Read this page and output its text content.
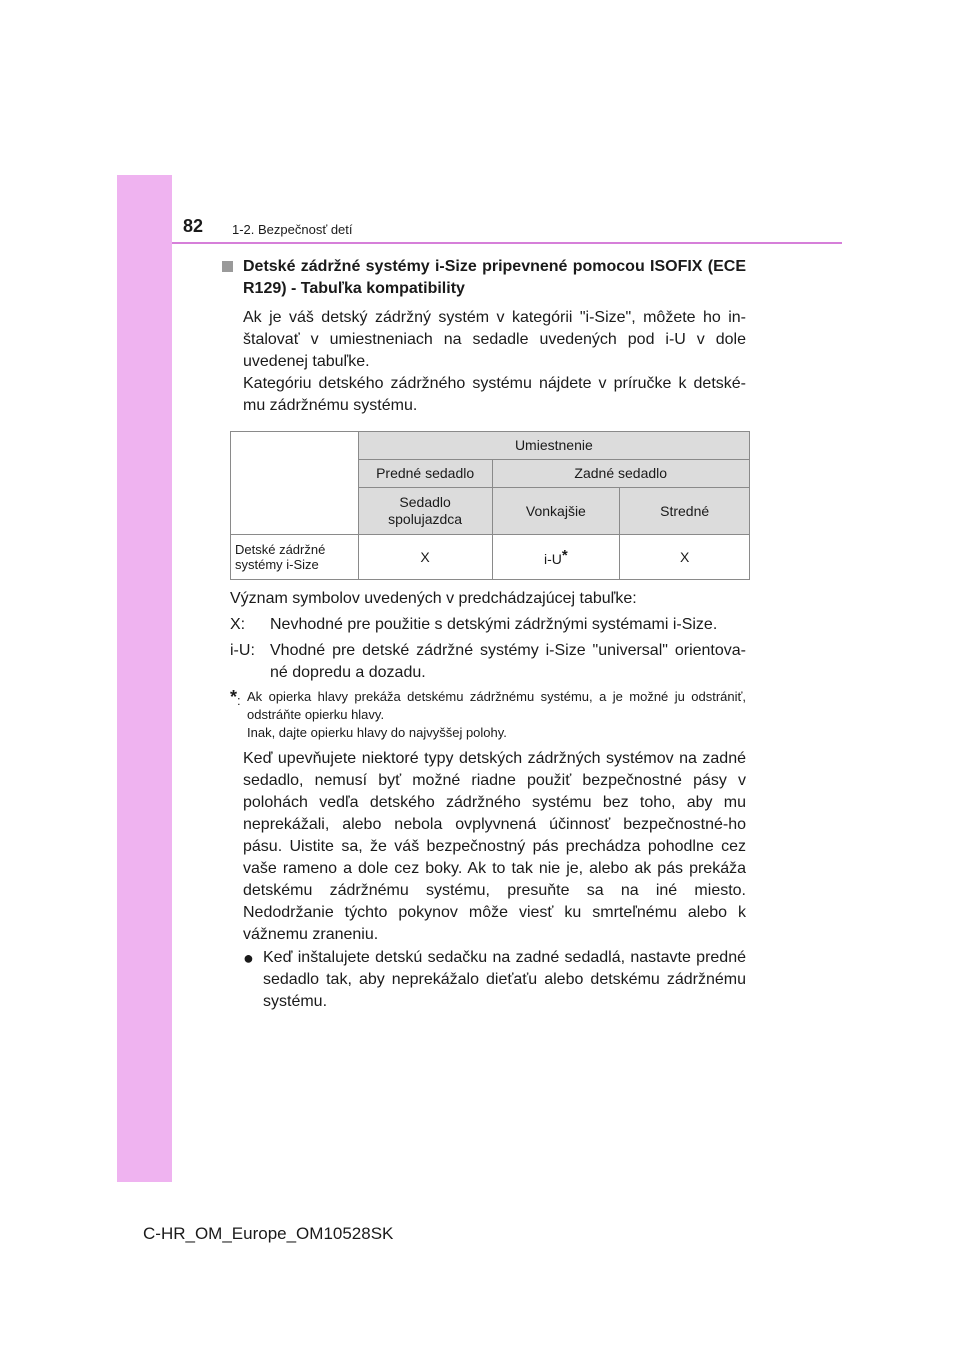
82 1-2. Bezpečnosť detí
Detské zádržné systémy i-Size pripevnené pomocou ISOFIX (ECE R129) - Tabuľka kompatibility
Ak je váš detský zádržný systém v kategórii "i-Size", môžete ho in-štalovať v umiestneniach na sedadle uvedených pod i-U v dole uvedenej tabuľke.
Kategóriu detského zádržného systému nájdete v príručke k detské-mu zádržnému systému.
	Umiestnenie		
	Predné sedadlo	Zadné sedadlo	
	Sedadlo spolujazdca	Vonkajšie	Stredné
Detské zádržné systémy i-Size	X	i-U*	X
Význam symbolov uvedených v predchádzajúcej tabuľke:
X:	Nevhodné pre použitie s detskými zádržnými systémami i-Size.
i-U: Vhodné pre detské zádržné systémy i-Size "universal" orientova-né dopredu a dozadu.
*: Ak opierka hlavy prekáža detskému zádržnému systému, a je možné ju odstrániť, odstráňte opierku hlavy.
Inak, dajte opierku hlavy do najvyššej polohy.
Keď upevňujete niektoré typy detských zádržných systémov na zadné sedadlo, nemusí byť možné riadne použiť bezpečnostné pásy v polohách vedľa detského zádržného systému bez toho, aby mu neprekážali, alebo nebola ovplyvnená účinnosť bezpečnostné-ho pásu. Uistite sa, že váš bezpečnostný pás prechádza pohodlne cez vaše rameno a dole cez boky. Ak to tak nie je, alebo ak pás prekáža detskému zádržnému systému, presuňte sa na iné miesto. Nedodržanie týchto pokynov môže viesť ku smrteľnému alebo k vážnemu zraneniu.
● Keď inštalujete detskú sedačku na zadné sedadlá, nastavte predné sedadlo tak, aby neprekážalo dieťaťu alebo detskému zádržnému systému.
C-HR_OM_Europe_OM10528SK
